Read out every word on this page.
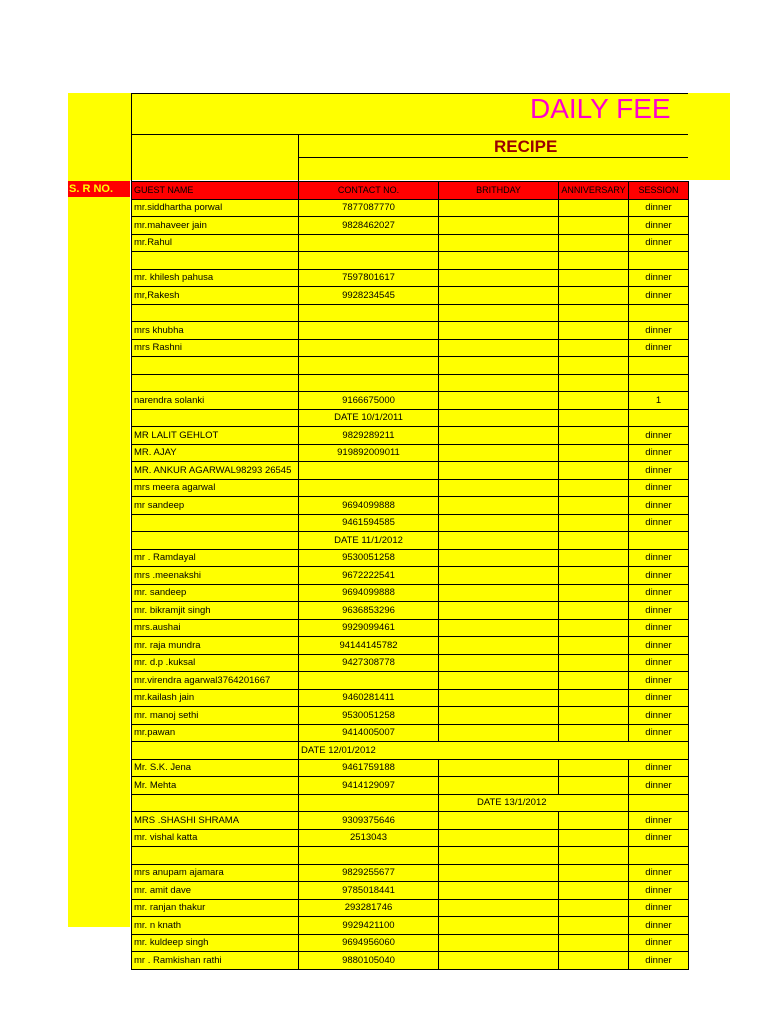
DAILY FEE
RECIPE
S. R NO.	GUEST NAME	CONTACT NO.	BRITHDAY	ANNIVERSARY	SESSION
mr.siddhartha porwal	7877087770			dinner
mr.mahaveer jain	9828462027			dinner
mr.Rahul				dinner

mr. khilesh pahusa	7597801617			dinner
mr,Rakesh	9928234545			dinner

mrs khubha				dinner
mrs Rashni				dinner

narendra solanki	9166675000			1
	DATE 10/1/2011			
MR LALIT GEHLOT	9829289211			dinner
MR. AJAY	919892009011			dinner
MR. ANKUR AGARWAL98293 26545				dinner
mrs meera agarwal				dinner
mr sandeep	9694099888			dinner
	9461594585			dinner
	DATE 11/1/2012			
mr . Ramdayal	9530051258			dinner
mrs .meenakshi	9672222541			dinner
mr. sandeep	9694099888			dinner
mr. bikramjit singh	9636853296			dinner
mrs.aushai	9929099461			dinner
mr. raja mundra	94144145782			dinner
mr. d.p .kuksal	9427308778			dinner
mr.virendra agarwal3764201667				dinner
mr.kailash jain	9460281411			dinner
mr. manoj sethi	9530051258			dinner
mr.pawan	9414005007			dinner
	DATE 12/01/2012			
Mr. S.K. Jena	9461759188			dinner
Mr. Mehta	9414129097			dinner
		DATE 13/1/2012		
MRS .SHASHI SHRAMA	9309375646			dinner
mr. vishal katta	2513043			dinner

mrs anupam ajamara	9829255677			dinner
mr. amit dave	9785018441			dinner
mr. ranjan thakur	293281746			dinner
mr. n knath	9929421100			dinner
mr. kuldeep singh	9694956060			dinner
mr . Ramkishan rathi	9880105040			dinner
